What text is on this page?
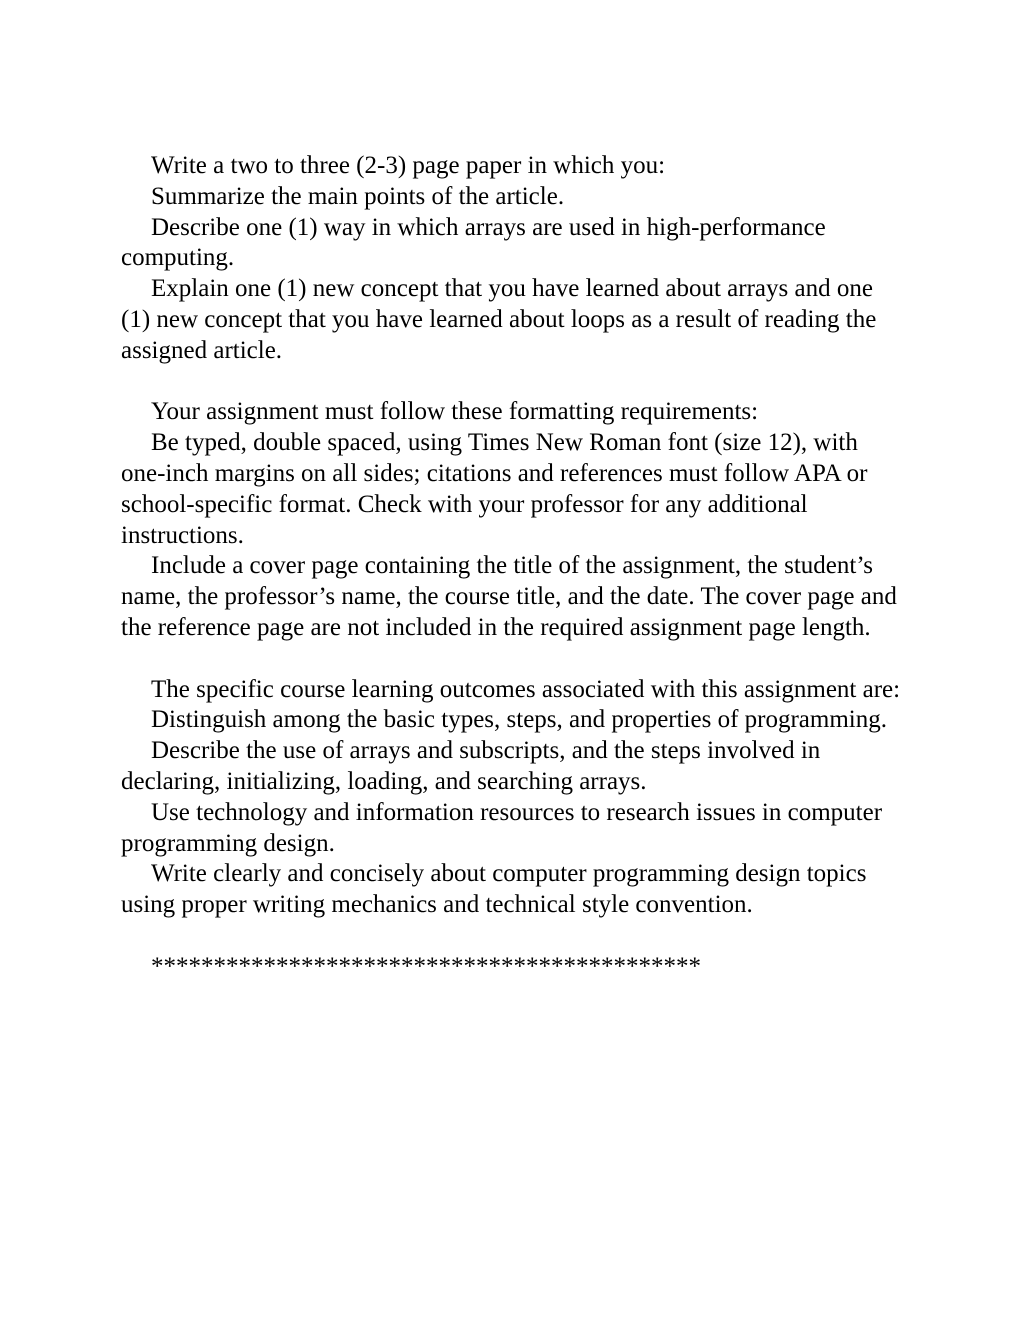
Write a two to three (2-3) page paper in which you:

Summarize the main points of the article.

Describe one (1) way in which arrays are used in high-performance computing.

Explain one (1) new concept that you have learned about arrays and one (1) new concept that you have learned about loops as a result of reading the assigned article.

Your assignment must follow these formatting requirements:

Be typed, double spaced, using Times New Roman font (size 12), with one-inch margins on all sides; citations and references must follow APA or school-specific format. Check with your professor for any additional instructions.

Include a cover page containing the title of the assignment, the student’s name, the professor’s name, the course title, and the date. The cover page and the reference page are not included in the required assignment page length.

The specific course learning outcomes associated with this assignment are:

Distinguish among the basic types, steps, and properties of programming.

Describe the use of arrays and subscripts, and the steps involved in declaring, initializing, loading, and searching arrays.

Use technology and information resources to research issues in computer programming design.

Write clearly and concisely about computer programming design topics using proper writing mechanics and technical style convention.

********************************************
